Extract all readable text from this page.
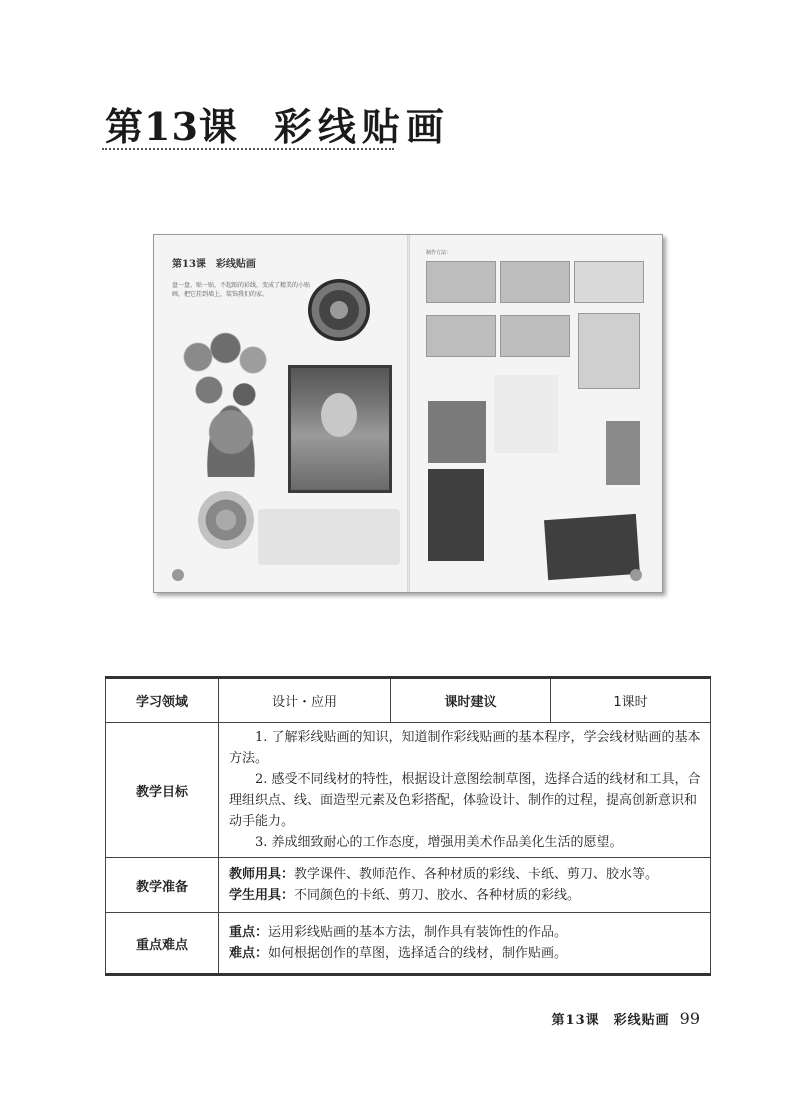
第13课 彩线贴画
第13课　彩线贴画
盘一盘、贴一贴，不起眼的彩线，变成了精美的小贴画，把它挂到墙上，装饰我们的家。
制作方法：
学习领域	设计・应用	课时建议	1课时
教学目标	1. 了解彩线贴画的知识，知道制作彩线贴画的基本程序，学会线材贴画的基本方法。

2. 感受不同线材的特性，根据设计意图绘制草图，选择合适的线材和工具，合理组织点、线、面造型元素及色彩搭配，体验设计、制作的过程，提高创新意识和动手能力。

3. 养成细致耐心的工作态度，增强用美术作品美化生活的愿望。		

教学准备	教师用具：教学课件、教师范作、各种材质的彩线、卡纸、剪刀、胶水等。
学生用具：不同颜色的卡纸、剪刀、胶水、各种材质的彩线。		

重点难点	重点：运用彩线贴画的基本方法，制作具有装饰性的作品。
难点：如何根据创作的草图，选择适合的线材，制作贴画。		
第13课　彩线贴画 99
